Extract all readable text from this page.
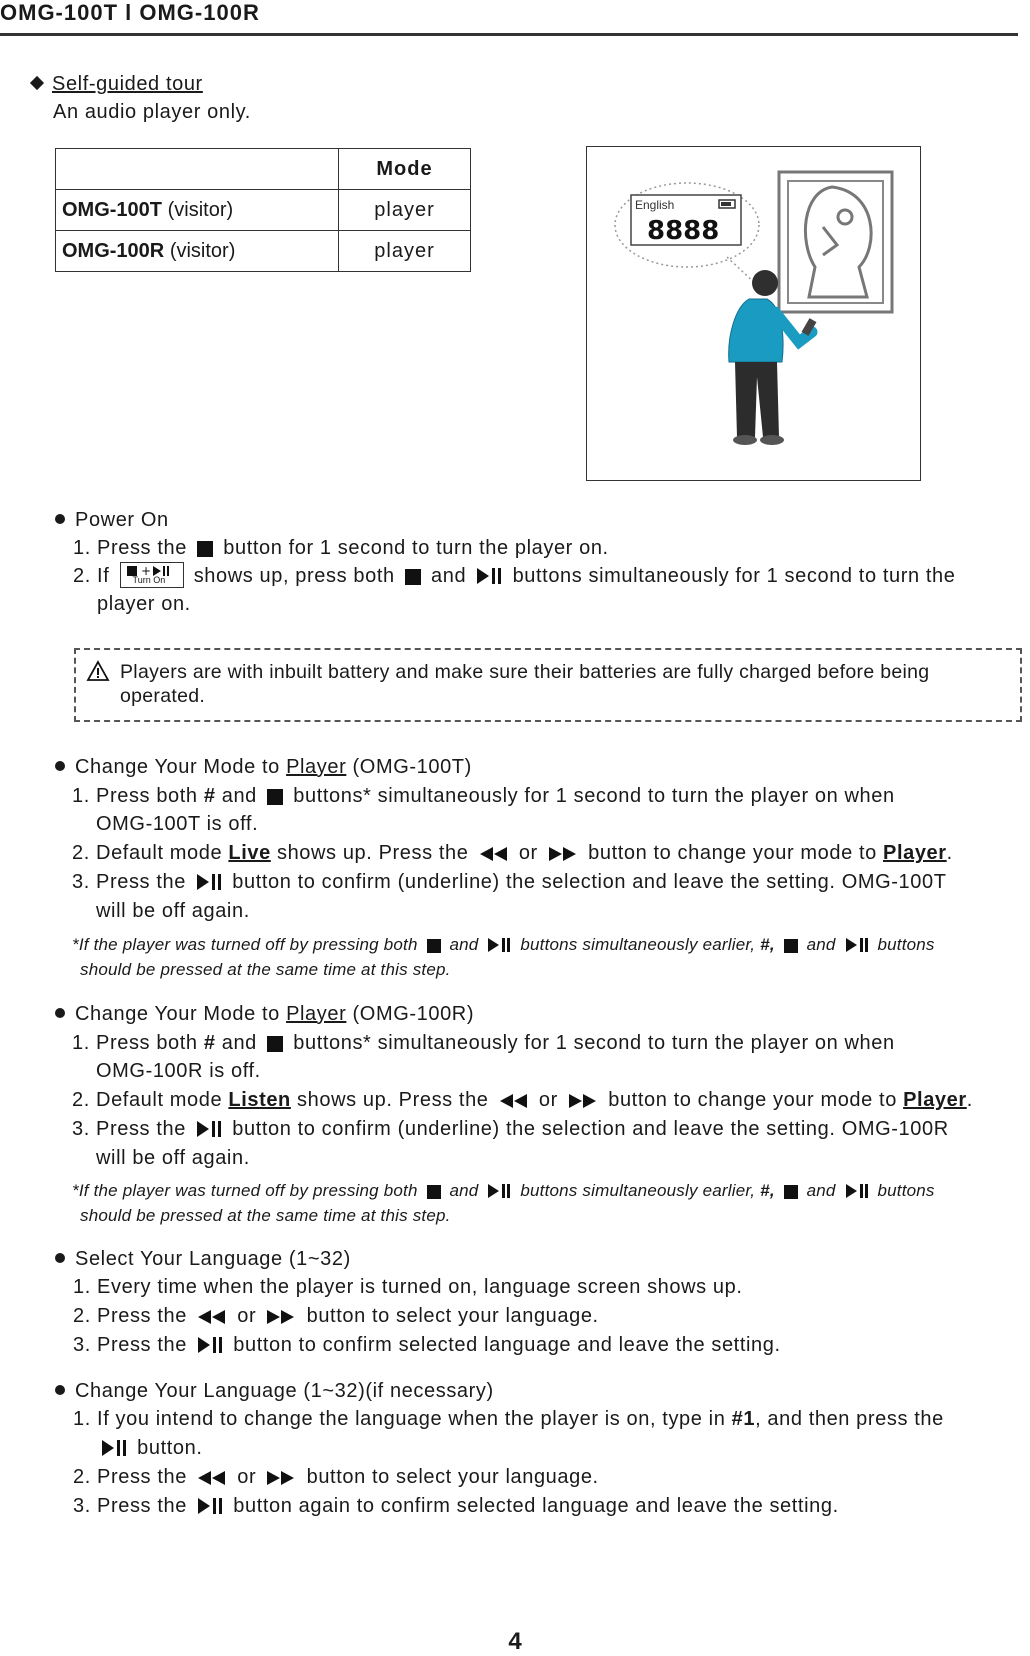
OMG-100T l OMG-100R
Self-guided tour
An audio player only.
	Mode
OMG-100T (visitor)	player
OMG-100R (visitor)	player
English
8888
Power On
1. Press the button for 1 second to turn the player on.
2. If	+
Turn On shows up, press both and buttons simultaneously for 1 second to turn the
player on.
Players are with inbuilt battery and make sure their batteries are fully charged before being
operated.
Change Your Mode to Player (OMG-100T)
1. Press both # and buttons* simultaneously for 1 second to turn the player on when
OMG-100T is off.
2. Default mode Live shows up. Press the	or	button to change your mode to Player.
3. Press the button to confirm (underline) the selection and leave the setting. OMG-100T
will be off again.
*If the player was turned off by pressing both and buttons simultaneously earlier, #, and buttons
should be pressed at the same time at this step.
Change Your Mode to Player (OMG-100R)
1. Press both # and buttons* simultaneously for 1 second to turn the player on when
OMG-100R is off.
2. Default mode Listen shows up. Press the	or	button to change your mode to Player.
3. Press the button to confirm (underline) the selection and leave the setting. OMG-100R
will be off again.
*If the player was turned off by pressing both and buttons simultaneously earlier, #, and buttons
should be pressed at the same time at this step.
Select Your Language (1~32)
1. Every time when the player is turned on, language screen shows up.
2. Press the	or	button to select your language.
3. Press the button to confirm selected language and leave the setting.
Change Your Language (1~32)(if necessary)
1. If you intend to change the language when the player is on, type in #1, and then press the
button.
2. Press the	or	button to select your language.
3. Press the button again to confirm selected language and leave the setting.
4
